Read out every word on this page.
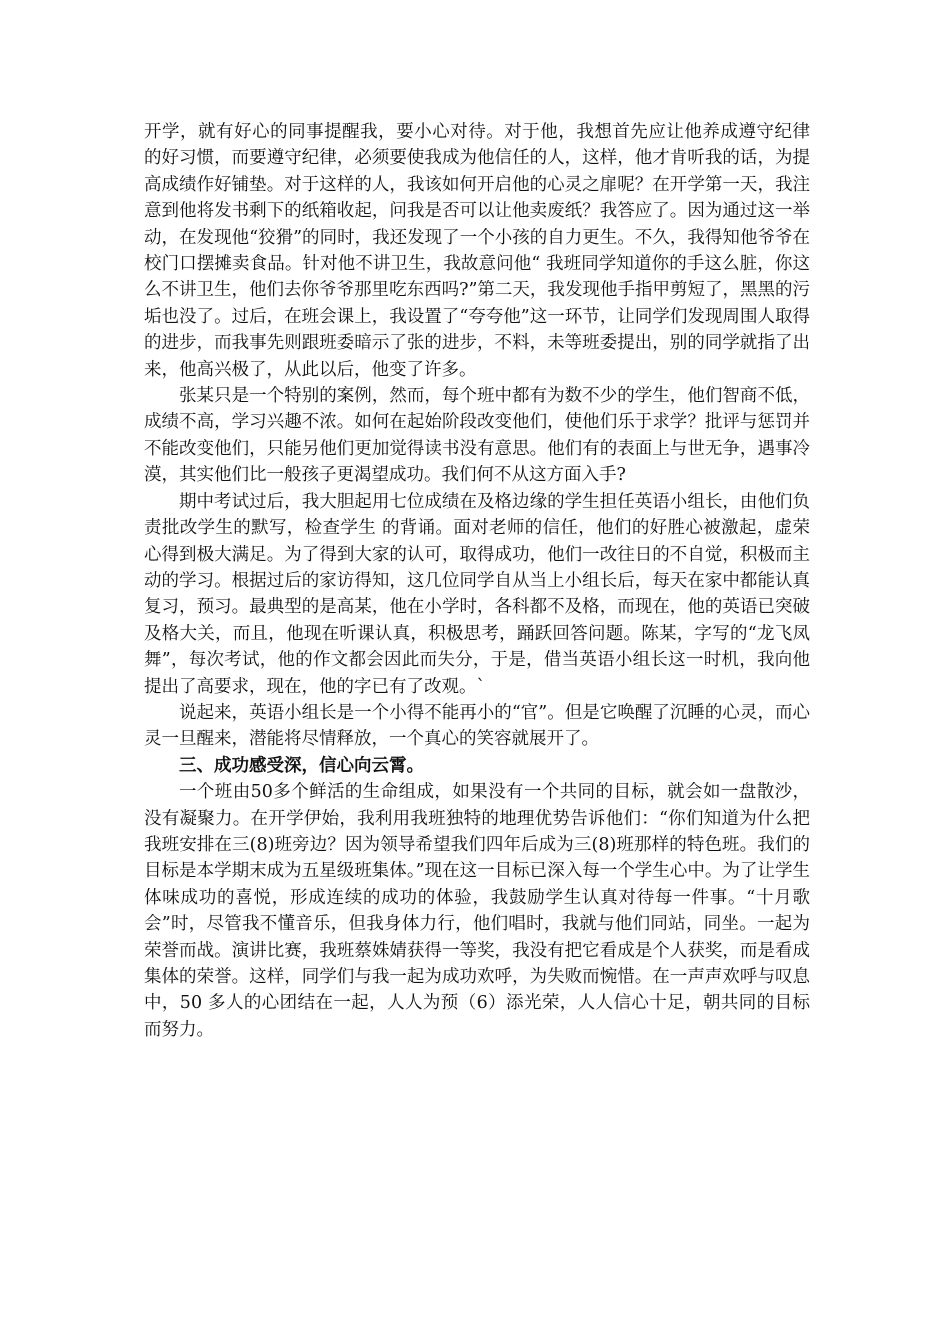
开学，就有好心的同事提醒我，要小心对待。对于他，我想首先应让他养成遵守纪律 的好习惯，而要遵守纪律，必须要使我成为他信任的人，这样，他才肯听我的话，为提高成绩作好铺垫。对于这样的人，我该如何开启他的心灵之扉呢？在开学第一天，我注意到他将发书剩下的纸箱收起，问我是否可以让他卖废纸？我答应了。因为通过这一举动，在发现他“狡猾”的同时，我还发现了一个小孩的自力更生。不久，我得知他爷爷在校门口摆摊卖食品。针对他不讲卫生，我故意问他“ 我班同学知道你的手这么脏，你这么不讲卫生，他们去你爷爷那里吃东西吗?”第二天，我发现他手指甲剪短了，黑黑的污垢也没了。过后，在班会课上，我设置了“夸夸他”这一环节，让同学们发现周围人取得的进步，而我事先则跟班委暗示了张的进步，不料，未等班委提出，别的同学就指了出来，他高兴极了，从此以后，他变了许多。

张某只是一个特别的案例，然而，每个班中都有为数不少的学生，他们智商不低，成绩不高，学习兴趣不浓。如何在起始阶段改变他们，使他们乐于求学？批评与惩罚并不能改变他们，只能另他们更加觉得读书没有意思。他们有的表面上与世无争，遇事冷漠，其实他们比一般孩子更渴望成功。我们何不从这方面入手?

期中考试过后，我大胆起用七位成绩在及格边缘的学生担任英语小组长，由他们负责批改学生的默写，检查学生 的背诵。面对老师的信任，他们的好胜心被激起，虚荣心得到极大满足。为了得到大家的认可，取得成功，他们一改往日的不自觉，积极而主动的学习。根据过后的家访得知，这几位同学自从当上小组长后，每天在家中都能认真复习，预习。最典型的是高某，他在小学时，各科都不及格，而现在，他的英语已突破及格大关，而且，他现在听课认真，积极思考，踊跃回答问题。陈某，字写的“龙飞凤舞”，每次考试，他的作文都会因此而失分，于是，借当英语小组长这一时机，我向他提出了高要求，现在，他的字已有了改观。`

说起来，英语小组长是一个小得不能再小的“官”。但是它唤醒了沉睡的心灵，而心灵一旦醒来，潜能将尽情释放，一个真心的笑容就展开了。

三、成功感受深，信心向云霄。

一个班由50多个鲜活的生命组成，如果没有一个共同的目标，就会如一盘散沙，没有凝聚力。在开学伊始，我利用我班独特的地理优势告诉他们：“你们知道为什么把我班安排在三(8)班旁边？因为领导希望我们四年后成为三(8)班那样的特色班。我们的目标是本学期末成为五星级班集体。”现在这一目标已深入每一个学生心中。为了让学生体味成功的喜悦，形成连续的成功的体验，我鼓励学生认真对待每一件事。“十月歌会”时，尽管我不懂音乐，但我身体力行，他们唱时，我就与他们同站，同坐。一起为荣誉而战。演讲比赛，我班蔡姝婧获得一等奖，我没有把它看成是个人获奖，而是看成集体的荣誉。这样，同学们与我一起为成功欢呼，为失败而惋惜。在一声声欢呼与叹息中，50 多人的心团结在一起，人人为预（6）添光荣，人人信心十足，朝共同的目标而努力。
